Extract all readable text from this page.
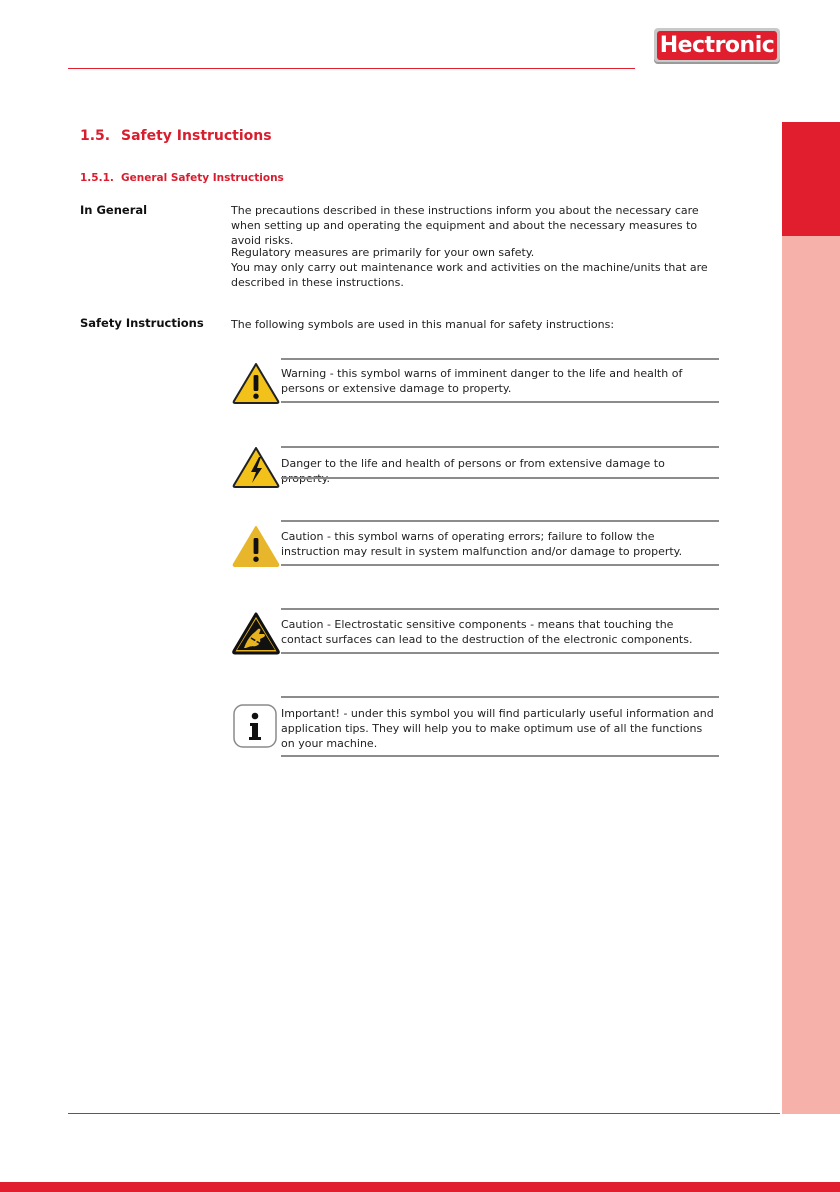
Hectronic
1.5. Safety Instructions
1.5.1. General Safety Instructions
In General	The precautions described in these instructions inform you about the necessary care when setting up and operating the equipment and about the necessary measures to avoid risks.

Regulatory measures are primarily for your own safety.

You may only carry out maintenance work and activities on the machine/units that are described in these instructions.

Safety Instructions The following symbols are used in this manual for safety instructions:
Warning - this symbol warns of imminent danger to the life and health of persons or extensive damage to property.
Danger to the life and health of persons or from extensive damage to
Caution - this symbol warns of operating errors; failure to follow the instruction may result in system malfunction and/or damage to property.
Caution - Electrostatic sensitive components - means that touching the contact surfaces can lead to the destruction of the electronic components.
Important! - under this symbol you will find particularly useful information and application tips. They will help you to make optimum use of all the functions on your machine.
